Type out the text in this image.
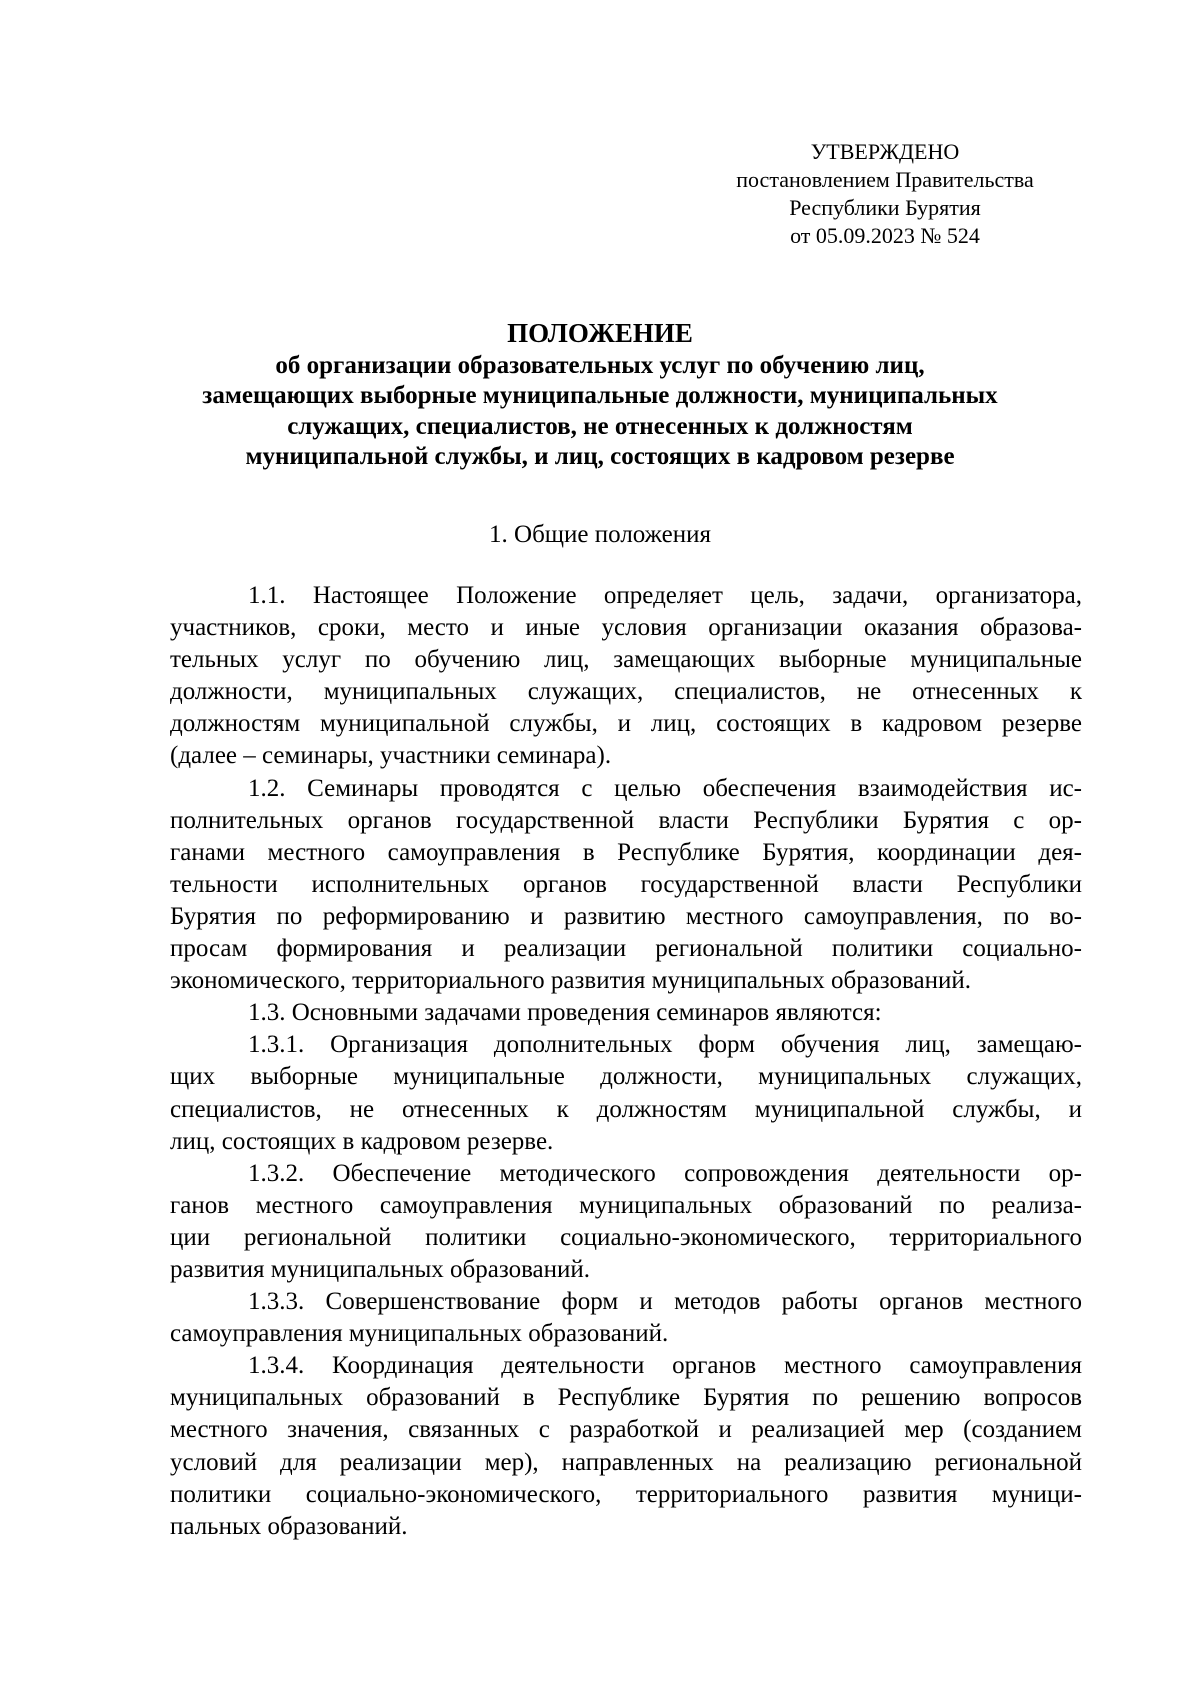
УТВЕРЖДЕНО
постановлением Правительства
Республики Бурятия
от 05.09.2023 № 524
ПОЛОЖЕНИЕ
об организации образовательных услуг по обучению лиц,
замещающих выборные муниципальные должности, муниципальных
служащих, специалистов, не отнесенных к должностям
муниципальной службы, и лиц, состоящих в кадровом резерве
1. Общие положения
1.1. Настоящее Положение определяет цель, задачи, организатора,
участников, сроки, место и иные условия организации оказания образова-
тельных услуг по обучению лиц, замещающих выборные муниципальные
должности, муниципальных служащих, специалистов, не отнесенных к
должностям муниципальной службы, и лиц, состоящих в кадровом резерве
(далее – семинары, участники семинара).
1.2. Семинары проводятся с целью обеспечения взаимодействия ис-
полнительных органов государственной власти Республики Бурятия с ор-
ганами местного самоуправления в Республике Бурятия, координации дея-
тельности исполнительных органов государственной власти Республики
Бурятия по реформированию и развитию местного самоуправления, по во-
просам формирования и реализации региональной политики социально-
экономического, территориального развития муниципальных образований.
1.3. Основными задачами проведения семинаров являются:
1.3.1. Организация дополнительных форм обучения лиц, замещаю-
щих выборные муниципальные должности, муниципальных служащих,
специалистов, не отнесенных к должностям муниципальной службы, и
лиц, состоящих в кадровом резерве.
1.3.2. Обеспечение методического сопровождения деятельности ор-
ганов местного самоуправления муниципальных образований по реализа-
ции региональной политики социально-экономического, территориального
развития муниципальных образований.
1.3.3. Совершенствование форм и методов работы органов местного
самоуправления муниципальных образований.
1.3.4. Координация деятельности органов местного самоуправления
муниципальных образований в Республике Бурятия по решению вопросов
местного значения, связанных с разработкой и реализацией мер (созданием
условий для реализации мер), направленных на реализацию региональной
политики социально-экономического, территориального развития муници-
пальных образований.
